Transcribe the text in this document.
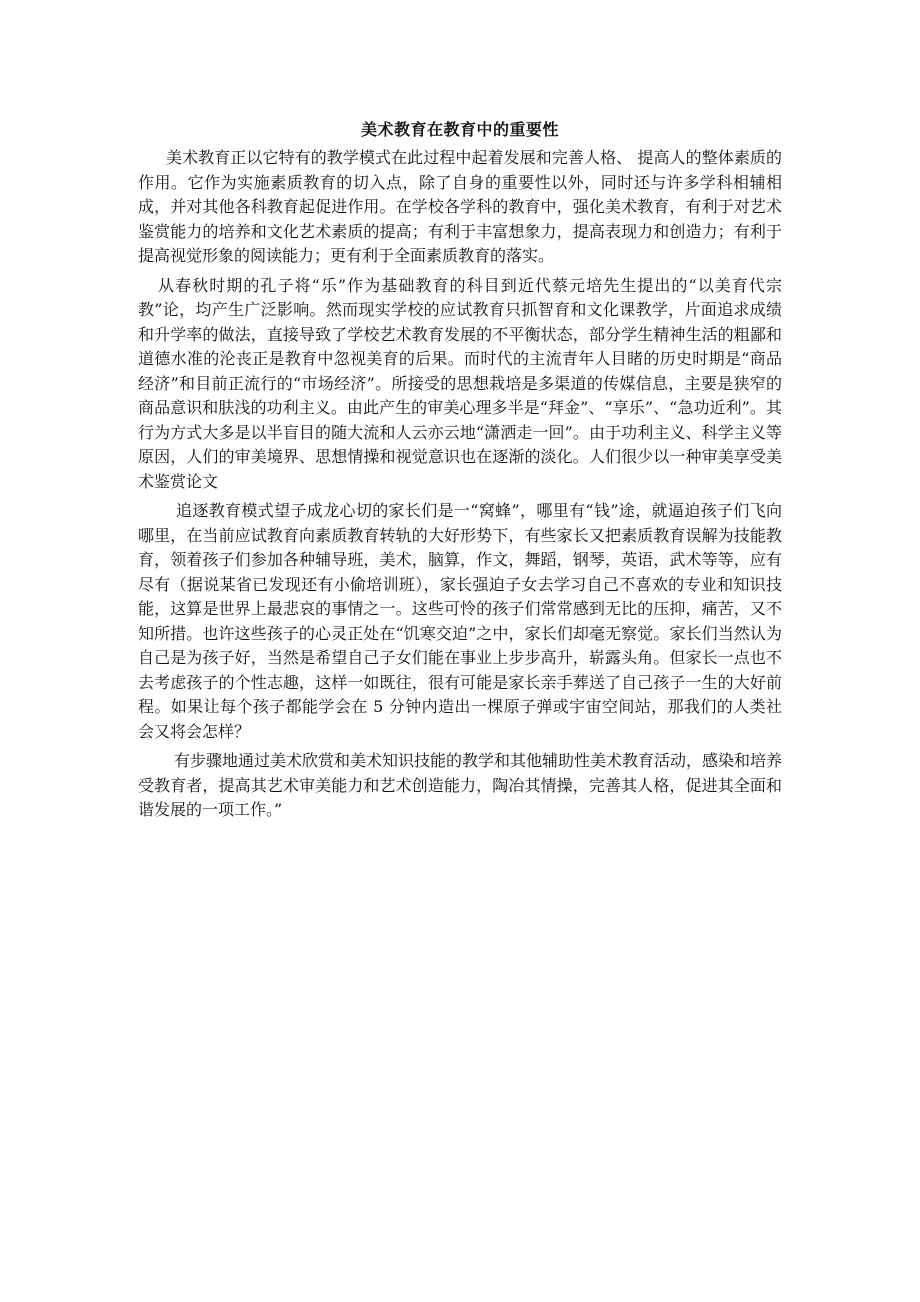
美术教育在教育中的重要性

美术教育正以它特有的教学模式在此过程中起着发展和完善人格、 提高人的整体素质的作用。它作为实施素质教育的切入点，除了自身的重要性以外，同时还与许多学科相辅相成，并对其他各科教育起促进作用。在学校各学科的教育中，强化美术教育，有利于对艺术鉴赏能力的培养和文化艺术素质的提高；有利于丰富想象力，提高表现力和创造力；有利于提高视觉形象的阅读能力；更有利于全面素质教育的落实。

从春秋时期的孔子将“乐”作为基础教育的科目到近代蔡元培先生提出的“以美育代宗教”论，均产生广泛影响。然而现实学校的应试教育只抓智育和文化课教学，片面追求成绩和升学率的做法，直接导致了学校艺术教育发展的不平衡状态，部分学生精神生活的粗鄙和道德水准的沦丧正是教育中忽视美育的后果。而时代的主流青年人目睹的历史时期是“商品经济”和目前正流行的“市场经济”。所接受的思想栽培是多渠道的传媒信息，主要是狭窄的商品意识和肤浅的功利主义。由此产生的审美心理多半是“拜金”、“享乐”、“急功近利”。其行为方式大多是以半盲目的随大流和人云亦云地“潇洒走一回”。由于功利主义、科学主义等原因，人们的审美境界、思想情操和视觉意识也在逐渐的淡化。人们很少以一种审美享受美术鉴赏论文

追逐教育模式望子成龙心切的家长们是一“窝蜂”，哪里有“钱”途，就逼迫孩子们飞向哪里，在当前应试教育向素质教育转轨的大好形势下，有些家长又把素质教育误解为技能教育，领着孩子们参加各种辅导班，美术，脑算，作文，舞蹈，钢琴，英语，武术等等，应有尽有（据说某省已发现还有小偷培训班），家长强迫子女去学习自己不喜欢的专业和知识技能，这算是世界上最悲哀的事情之一。这些可怜的孩子们常常感到无比的压抑，痛苦，又不知所措。也许这些孩子的心灵正处在“饥寒交迫”之中，家长们却毫无察觉。家长们当然认为自己是为孩子好，当然是希望自己子女们能在事业上步步高升，崭露头角。但家长一点也不去考虑孩子的个性志趣，这样一如既往，很有可能是家长亲手葬送了自己孩子一生的大好前程。如果让每个孩子都能学会在 5 分钟内造出一棵原子弹或宇宙空间站，那我们的人类社会又将会怎样？

有步骤地通过美术欣赏和美术知识技能的教学和其他辅助性美术教育活动，感染和培养受教育者，提高其艺术审美能力和艺术创造能力，陶冶其情操，完善其人格，促进其全面和谐发展的一项工作。”
